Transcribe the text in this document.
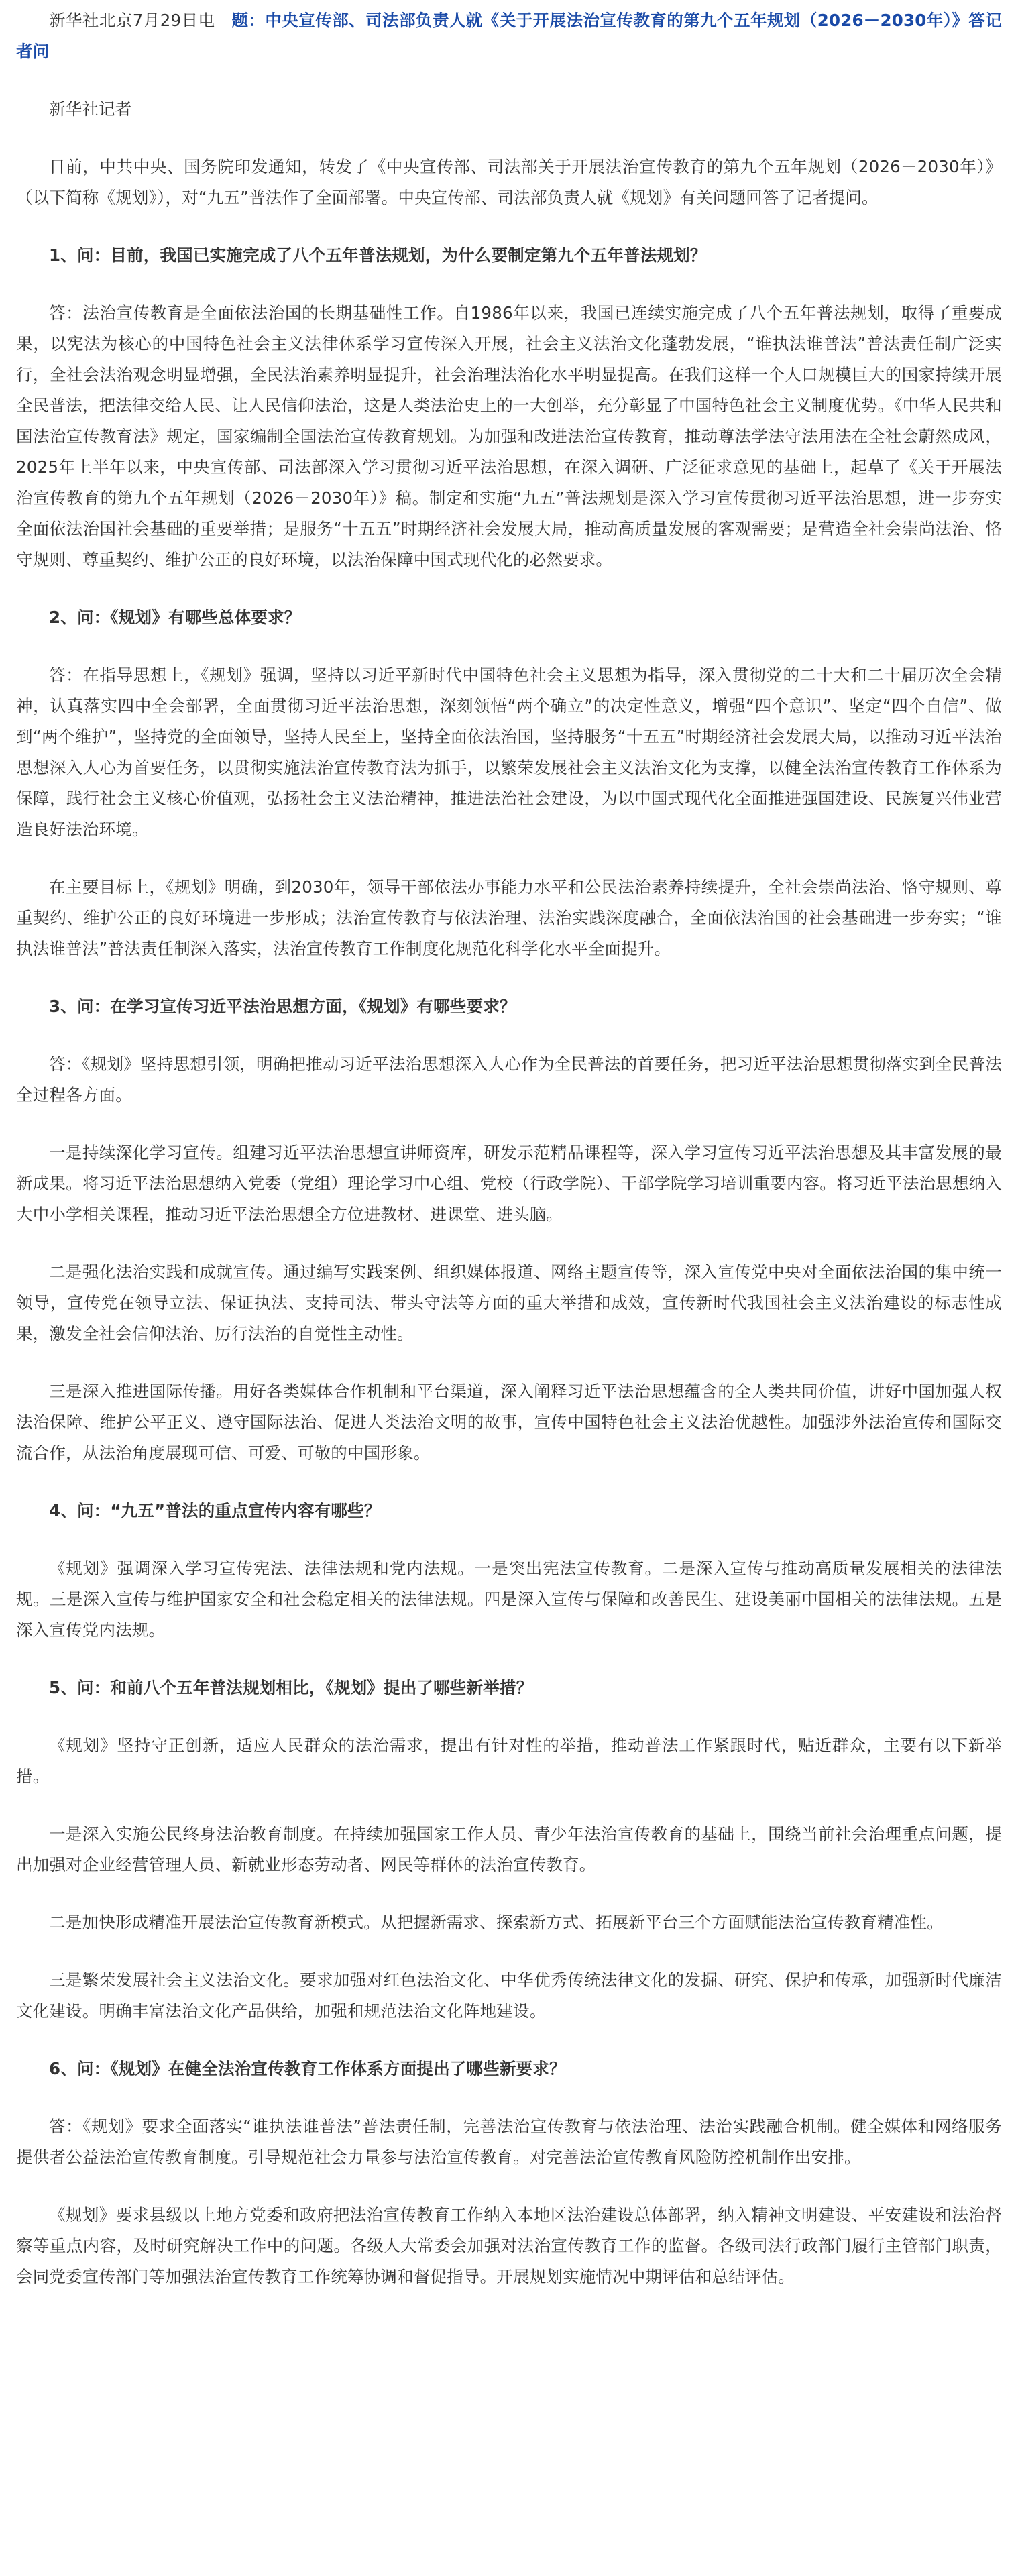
新华社北京7月29日电　题：中央宣传部、司法部负责人就《关于开展法治宣传教育的第九个五年规划（2026－2030年）》答记者问

新华社记者

日前，中共中央、国务院印发通知，转发了《中央宣传部、司法部关于开展法治宣传教育的第九个五年规划（2026－2030年）》（以下简称《规划》），对“九五”普法作了全面部署。中央宣传部、司法部负责人就《规划》有关问题回答了记者提问。

1、问：目前，我国已实施完成了八个五年普法规划，为什么要制定第九个五年普法规划？

答：法治宣传教育是全面依法治国的长期基础性工作。自1986年以来，我国已连续实施完成了八个五年普法规划，取得了重要成果，以宪法为核心的中国特色社会主义法律体系学习宣传深入开展，社会主义法治文化蓬勃发展，“谁执法谁普法”普法责任制广泛实行，全社会法治观念明显增强，全民法治素养明显提升，社会治理法治化水平明显提高。在我们这样一个人口规模巨大的国家持续开展全民普法，把法律交给人民、让人民信仰法治，这是人类法治史上的一大创举，充分彰显了中国特色社会主义制度优势。《中华人民共和国法治宣传教育法》规定，国家编制全国法治宣传教育规划。为加强和改进法治宣传教育，推动尊法学法守法用法在全社会蔚然成风，2025年上半年以来，中央宣传部、司法部深入学习贯彻习近平法治思想，在深入调研、广泛征求意见的基础上，起草了《关于开展法治宣传教育的第九个五年规划（2026－2030年）》稿。制定和实施“九五”普法规划是深入学习宣传贯彻习近平法治思想，进一步夯实全面依法治国社会基础的重要举措；是服务“十五五”时期经济社会发展大局，推动高质量发展的客观需要；是营造全社会崇尚法治、恪守规则、尊重契约、维护公正的良好环境，以法治保障中国式现代化的必然要求。

2、问：《规划》有哪些总体要求？

答：在指导思想上，《规划》强调，坚持以习近平新时代中国特色社会主义思想为指导，深入贯彻党的二十大和二十届历次全会精神，认真落实四中全会部署，全面贯彻习近平法治思想，深刻领悟“两个确立”的决定性意义，增强“四个意识”、坚定“四个自信”、做到“两个维护”，坚持党的全面领导，坚持人民至上，坚持全面依法治国，坚持服务“十五五”时期经济社会发展大局，以推动习近平法治思想深入人心为首要任务，以贯彻实施法治宣传教育法为抓手，以繁荣发展社会主义法治文化为支撑，以健全法治宣传教育工作体系为保障，践行社会主义核心价值观，弘扬社会主义法治精神，推进法治社会建设，为以中国式现代化全面推进强国建设、民族复兴伟业营造良好法治环境。

在主要目标上，《规划》明确，到2030年，领导干部依法办事能力水平和公民法治素养持续提升，全社会崇尚法治、恪守规则、尊重契约、维护公正的良好环境进一步形成；法治宣传教育与依法治理、法治实践深度融合，全面依法治国的社会基础进一步夯实；“谁执法谁普法”普法责任制深入落实，法治宣传教育工作制度化规范化科学化水平全面提升。

3、问：在学习宣传习近平法治思想方面，《规划》有哪些要求？

答：《规划》坚持思想引领，明确把推动习近平法治思想深入人心作为全民普法的首要任务，把习近平法治思想贯彻落实到全民普法全过程各方面。

一是持续深化学习宣传。组建习近平法治思想宣讲师资库，研发示范精品课程等，深入学习宣传习近平法治思想及其丰富发展的最新成果。将习近平法治思想纳入党委（党组）理论学习中心组、党校（行政学院）、干部学院学习培训重要内容。将习近平法治思想纳入大中小学相关课程，推动习近平法治思想全方位进教材、进课堂、进头脑。

二是强化法治实践和成就宣传。通过编写实践案例、组织媒体报道、网络主题宣传等，深入宣传党中央对全面依法治国的集中统一领导，宣传党在领导立法、保证执法、支持司法、带头守法等方面的重大举措和成效，宣传新时代我国社会主义法治建设的标志性成果，激发全社会信仰法治、厉行法治的自觉性主动性。

三是深入推进国际传播。用好各类媒体合作机制和平台渠道，深入阐释习近平法治思想蕴含的全人类共同价值，讲好中国加强人权法治保障、维护公平正义、遵守国际法治、促进人类法治文明的故事，宣传中国特色社会主义法治优越性。加强涉外法治宣传和国际交流合作，从法治角度展现可信、可爱、可敬的中国形象。

4、问：“九五”普法的重点宣传内容有哪些？

《规划》强调深入学习宣传宪法、法律法规和党内法规。一是突出宪法宣传教育。二是深入宣传与推动高质量发展相关的法律法规。三是深入宣传与维护国家安全和社会稳定相关的法律法规。四是深入宣传与保障和改善民生、建设美丽中国相关的法律法规。五是深入宣传党内法规。

5、问：和前八个五年普法规划相比，《规划》提出了哪些新举措？

《规划》坚持守正创新，适应人民群众的法治需求，提出有针对性的举措，推动普法工作紧跟时代，贴近群众，主要有以下新举措。

一是深入实施公民终身法治教育制度。在持续加强国家工作人员、青少年法治宣传教育的基础上，围绕当前社会治理重点问题，提出加强对企业经营管理人员、新就业形态劳动者、网民等群体的法治宣传教育。

二是加快形成精准开展法治宣传教育新模式。从把握新需求、探索新方式、拓展新平台三个方面赋能法治宣传教育精准性。

三是繁荣发展社会主义法治文化。要求加强对红色法治文化、中华优秀传统法律文化的发掘、研究、保护和传承，加强新时代廉洁文化建设。明确丰富法治文化产品供给，加强和规范法治文化阵地建设。

6、问：《规划》在健全法治宣传教育工作体系方面提出了哪些新要求？

答：《规划》要求全面落实“谁执法谁普法”普法责任制，完善法治宣传教育与依法治理、法治实践融合机制。健全媒体和网络服务提供者公益法治宣传教育制度。引导规范社会力量参与法治宣传教育。对完善法治宣传教育风险防控机制作出安排。

《规划》要求县级以上地方党委和政府把法治宣传教育工作纳入本地区法治建设总体部署，纳入精神文明建设、平安建设和法治督察等重点内容，及时研究解决工作中的问题。各级人大常委会加强对法治宣传教育工作的监督。各级司法行政部门履行主管部门职责，会同党委宣传部门等加强法治宣传教育工作统筹协调和督促指导。开展规划实施情况中期评估和总结评估。
